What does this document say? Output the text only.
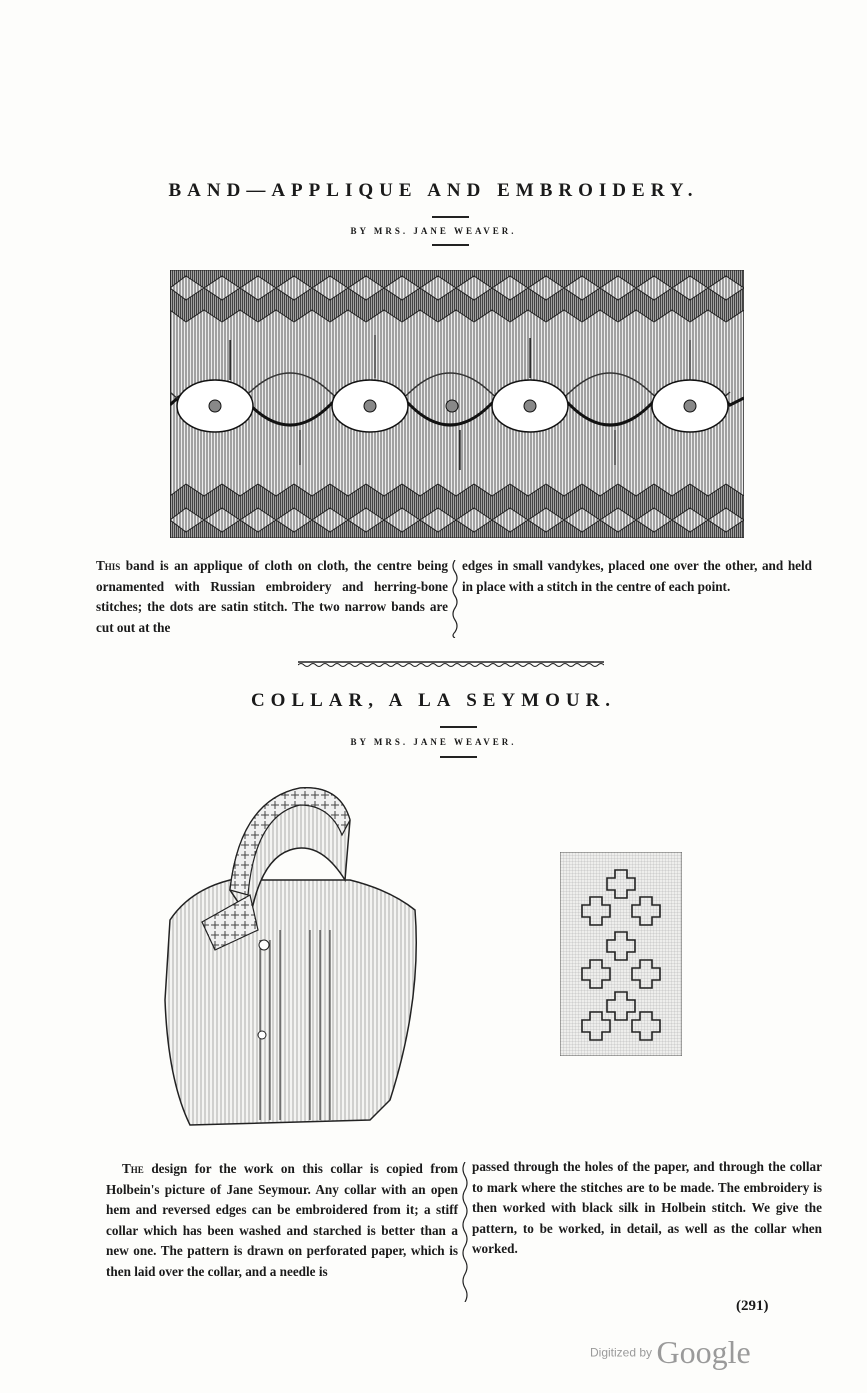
BAND—APPLIQUE AND EMBROIDERY.
BY MRS. JANE WEAVER.

This band is an applique of cloth on cloth, the centre being ornamented with Russian embroidery and herring-bone stitches; the dots are satin stitch. The two narrow bands are cut out at the

edges in small vandykes, placed one over the other, and held in place with a stitch in the centre of each point.

COLLAR, A LA SEYMOUR.
BY MRS. JANE WEAVER.

The design for the work on this collar is copied from Holbein's picture of Jane Seymour. Any collar with an open hem and reversed edges can be embroidered from it; a stiff collar which has been washed and starched is better than a new one. The pattern is drawn on perforated paper, which is then laid over the collar, and a needle is

passed through the holes of the paper, and through the collar to mark where the stitches are to be made. The embroidery is then worked with black silk in Holbein stitch. We give the pattern, to be worked, in detail, as well as the collar when worked.

(291)
Digitized by Google
